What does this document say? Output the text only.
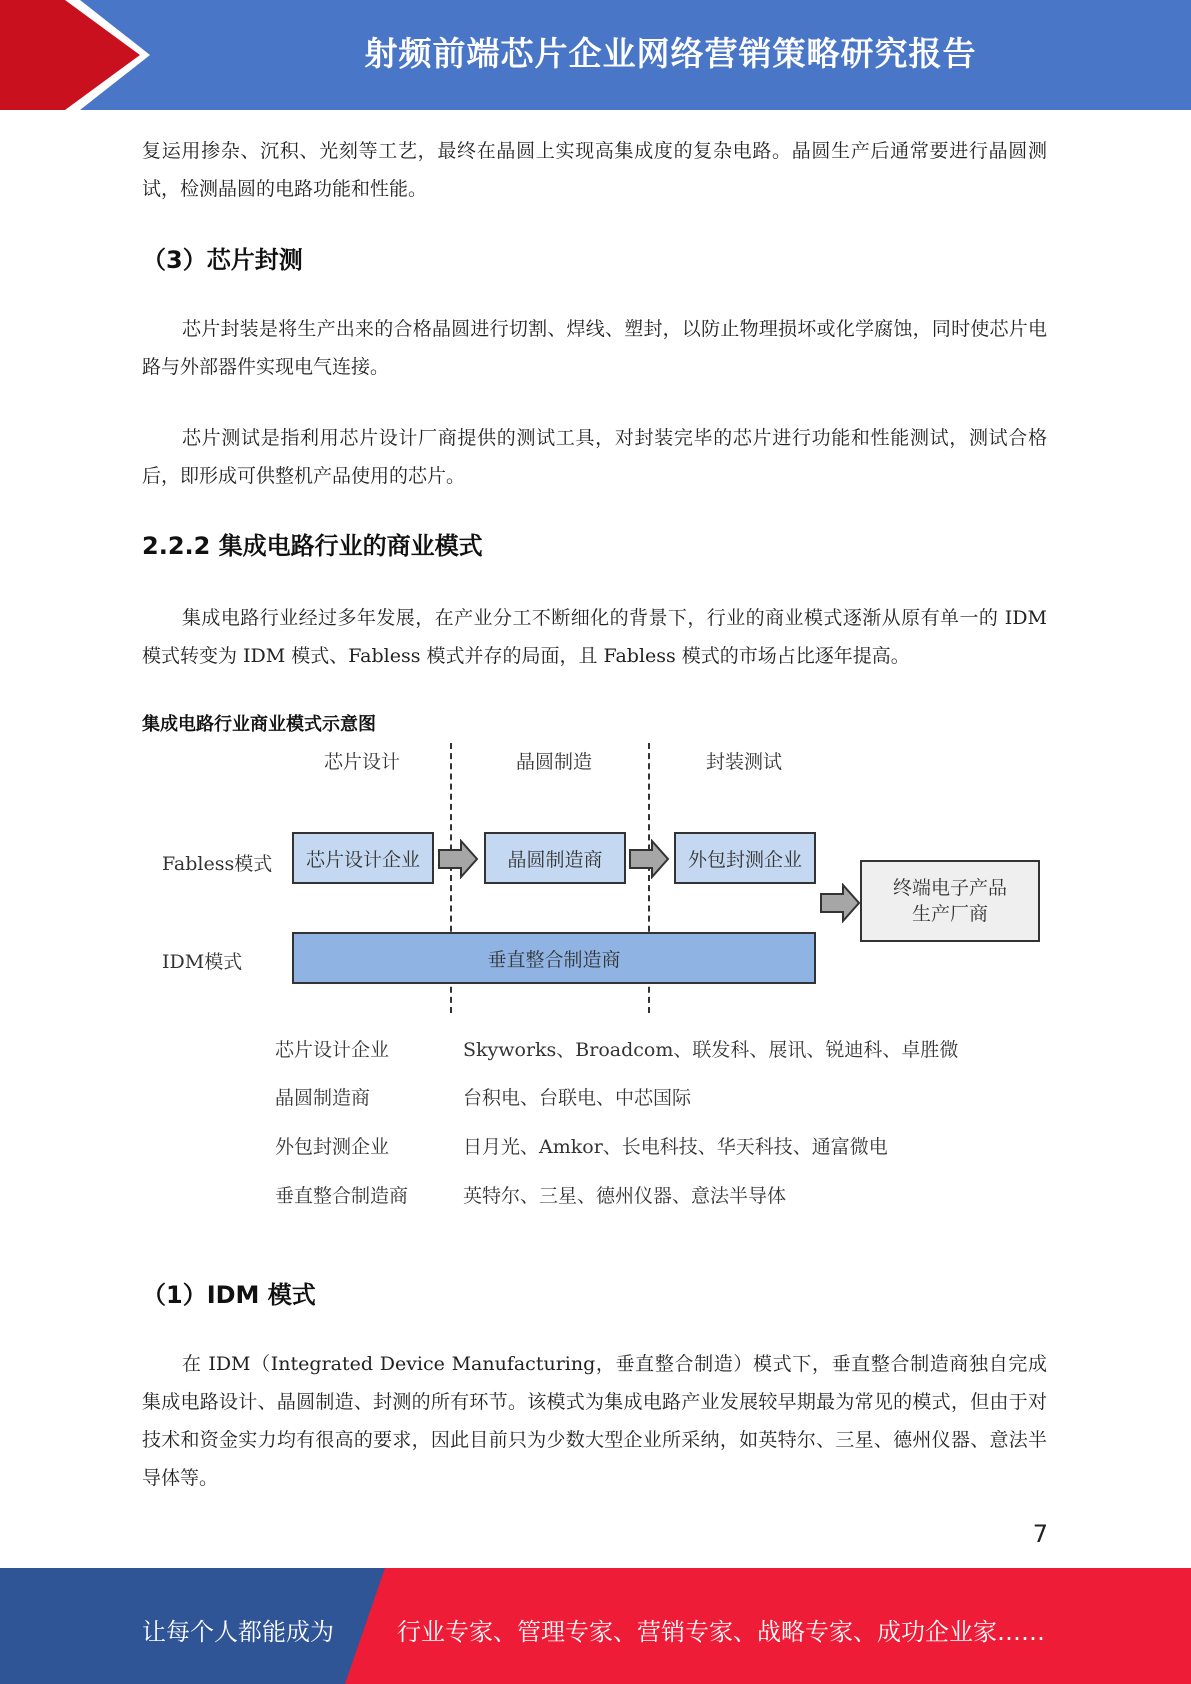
射频前端芯片企业网络营销策略研究报告

复运用掺杂、沉积、光刻等工艺，最终在晶圆上实现高集成度的复杂电路。晶圆生产后通常要进行晶圆测试，检测晶圆的电路功能和性能。

（3）芯片封测

芯片封装是将生产出来的合格晶圆进行切割、焊线、塑封，以防止物理损坏或化学腐蚀，同时使芯片电路与外部器件实现电气连接。

芯片测试是指利用芯片设计厂商提供的测试工具，对封装完毕的芯片进行功能和性能测试，测试合格后，即形成可供整机产品使用的芯片。

2.2.2 集成电路行业的商业模式

集成电路行业经过多年发展，在产业分工不断细化的背景下，行业的商业模式逐渐从原有单一的 IDM 模式转变为 IDM 模式、Fabless 模式并存的局面，且 Fabless 模式的市场占比逐年提高。

集成电路行业商业模式示意图
芯片设计	晶圆制造	封装测试
Fabless模式
IDM模式
芯片设计企业	晶圆制造商	外包封测企业
终端电子产品
生产厂商
垂直整合制造商
芯片设计企业	Skyworks、Broadcom、联发科、展讯、锐迪科、卓胜微
晶圆制造商	台积电、台联电、中芯国际
外包封测企业	日月光、Amkor、长电科技、华天科技、通富微电
垂直整合制造商	英特尔、三星、德州仪器、意法半导体
（1）IDM 模式

在 IDM（Integrated Device Manufacturing，垂直整合制造）模式下，垂直整合制造商独自完成集成电路设计、晶圆制造、封测的所有环节。该模式为集成电路产业发展较早期最为常见的模式，但由于对技术和资金实力均有很高的要求，因此目前只为少数大型企业所采纳，如英特尔、三星、德州仪器、意法半导体等。

7
让每个人都能成为	行业专家、管理专家、营销专家、战略专家、成功企业家……
